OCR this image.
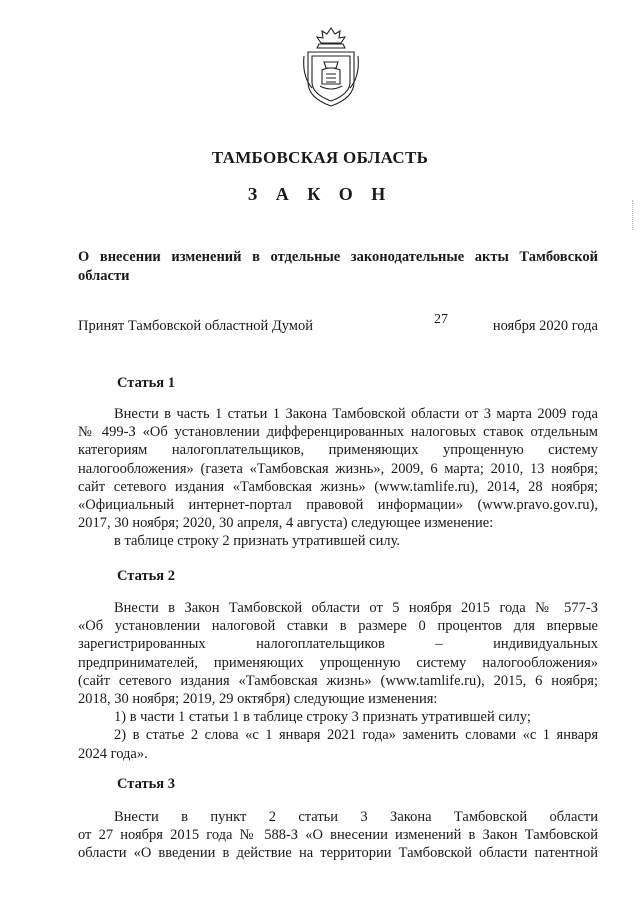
ТАМБОВСКАЯ ОБЛАСТЬ
З А К О Н
О внесении изменений в отдельные законодательные акты Тамбовской области
Принят Тамбовской областной Думой	27	ноября 2020 года
Статья 1
Внести в часть 1 статьи 1 Закона Тамбовской области от 3 марта 2009 года
№ 499-З «Об установлении дифференцированных налоговых ставок отдельным
категориям налогоплательщиков, применяющих упрощенную систему
налогообложения» (газета «Тамбовская жизнь», 2009, 6 марта; 2010, 13 ноября;
сайт сетевого издания «Тамбовская жизнь» (www.tamlife.ru), 2014, 28 ноября;
«Официальный интернет-портал правовой информации» (www.pravo.gov.ru),
2017, 30 ноября; 2020, 30 апреля, 4 августа) следующее изменение:
в таблице строку 2 признать утратившей силу.
Статья 2
Внести в Закон Тамбовской области от 5 ноября 2015 года № 577-З
«Об установлении налоговой ставки в размере 0 процентов для впервые
зарегистрированных налогоплательщиков – индивидуальных
предпринимателей, применяющих упрощенную систему налогообложения»
(сайт сетевого издания «Тамбовская жизнь» (www.tamlife.ru), 2015, 6 ноября;
2018, 30 ноября; 2019, 29 октября) следующие изменения:
1) в части 1 статьи 1 в таблице строку 3 признать утратившей силу;
2) в статье 2 слова «с 1 января 2021 года» заменить словами «с 1 января
2024 года».
Статья 3
Внести в пункт 2 статьи 3 Закона Тамбовской области
от 27 ноября 2015 года № 588-З «О внесении изменений в Закон Тамбовской
области «О введении в действие на территории Тамбовской области патентной
